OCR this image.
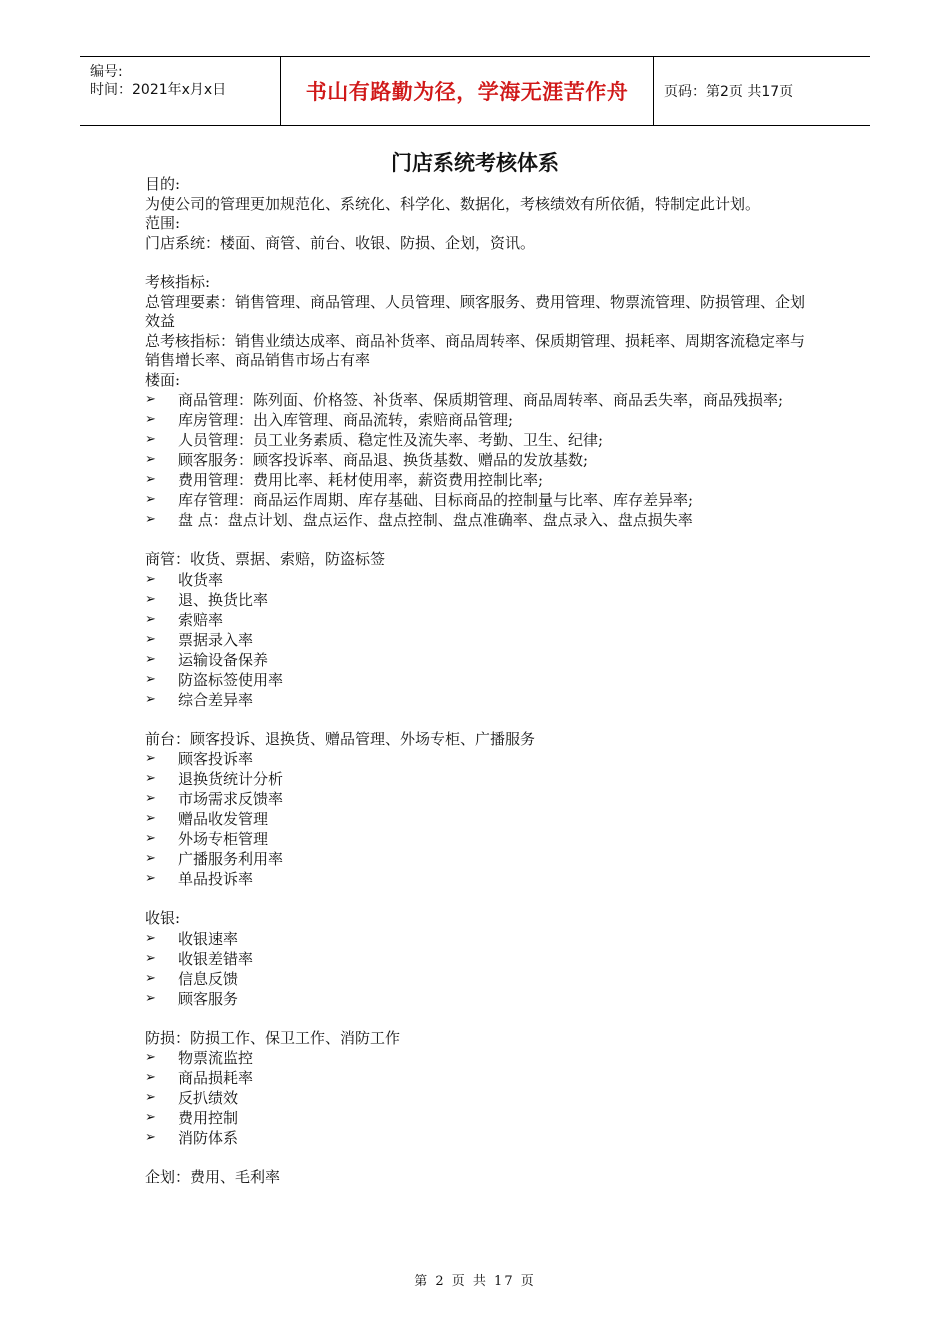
编号:
时间：2021年x月x日	书山有路勤为径，学海无涯苦作舟	页码：第2页 共17页
门店系统考核体系

目的:

为使公司的管理更加规范化、系统化、科学化、数据化，考核绩效有所依循，特制定此计划。

范围:

门店系统：楼面、商管、前台、收银、防损、企划，资讯。

考核指标:

总管理要素：销售管理、商品管理、人员管理、顾客服务、费用管理、物票流管理、防损管理、企划效益

总考核指标：销售业绩达成率、商品补货率、商品周转率、保质期管理、损耗率、周期客流稳定率与销售增长率、商品销售市场占有率

楼面:

➢ 商品管理：陈列面、价格签、补货率、保质期管理、商品周转率、商品丢失率，商品残损率;
➢ 库房管理：出入库管理、商品流转，索赔商品管理;
➢ 人员管理：员工业务素质、稳定性及流失率、考勤、卫生、纪律;
➢ 顾客服务：顾客投诉率、商品退、换货基数、赠品的发放基数;
➢ 费用管理：费用比率、耗材使用率，薪资费用控制比率;
➢ 库存管理：商品运作周期、库存基础、目标商品的控制量与比率、库存差异率;
➢ 盘 点：盘点计划、盘点运作、盘点控制、盘点准确率、盘点录入、盘点损失率

商管：收货、票据、索赔，防盗标签

➢ 收货率
➢ 退、换货比率
➢ 索赔率
➢ 票据录入率
➢ 运输设备保养
➢ 防盗标签使用率
➢ 综合差异率

前台：顾客投诉、退换货、赠品管理、外场专柜、广播服务

➢ 顾客投诉率
➢ 退换货统计分析
➢ 市场需求反馈率
➢ 赠品收发管理
➢ 外场专柜管理
➢ 广播服务利用率
➢ 单品投诉率

收银:

➢ 收银速率
➢ 收银差错率
➢ 信息反馈
➢ 顾客服务

防损：防损工作、保卫工作、消防工作

➢ 物票流监控
➢ 商品损耗率
➢ 反扒绩效
➢ 费用控制
➢ 消防体系

企划：费用、毛利率

第 2 页 共 17 页
